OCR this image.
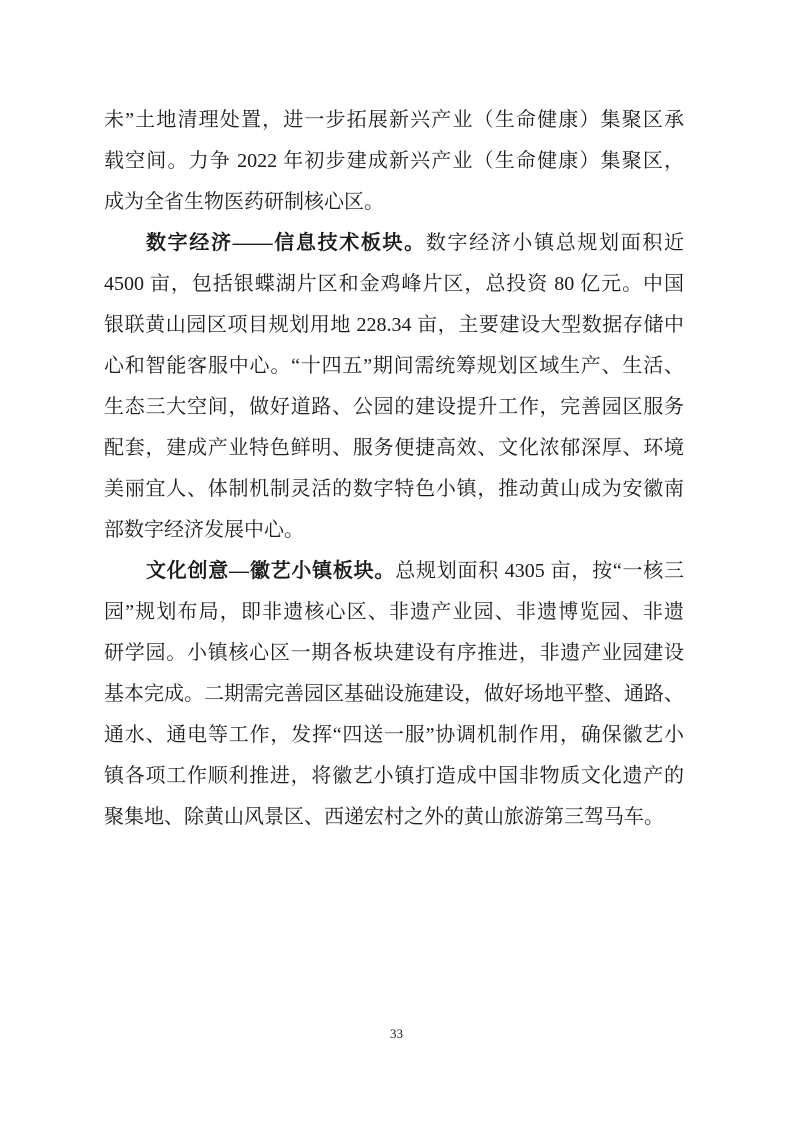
未”土地清理处置，进一步拓展新兴产业（生命健康）集聚区承
载空间。力争 2022 年初步建成新兴产业（生命健康）集聚区，
成为全省生物医药研制核心区。
数字经济——信息技术板块。数字经济小镇总规划面积近
4500 亩，包括银蝶湖片区和金鸡峰片区，总投资 80 亿元。中国
银联黄山园区项目规划用地 228.34 亩，主要建设大型数据存储中
心和智能客服中心。“十四五”期间需统筹规划区域生产、生活、
生态三大空间，做好道路、公园的建设提升工作，完善园区服务
配套，建成产业特色鲜明、服务便捷高效、文化浓郁深厚、环境
美丽宜人、体制机制灵活的数字特色小镇，推动黄山成为安徽南
部数字经济发展中心。
文化创意—徽艺小镇板块。总规划面积 4305 亩，按“一核三
园”规划布局，即非遗核心区、非遗产业园、非遗博览园、非遗
研学园。小镇核心区一期各板块建设有序推进，非遗产业园建设
基本完成。二期需完善园区基础设施建设，做好场地平整、通路、
通水、通电等工作，发挥“四送一服”协调机制作用，确保徽艺小
镇各项工作顺利推进，将徽艺小镇打造成中国非物质文化遗产的
聚集地、除黄山风景区、西递宏村之外的黄山旅游第三驾马车。
33
